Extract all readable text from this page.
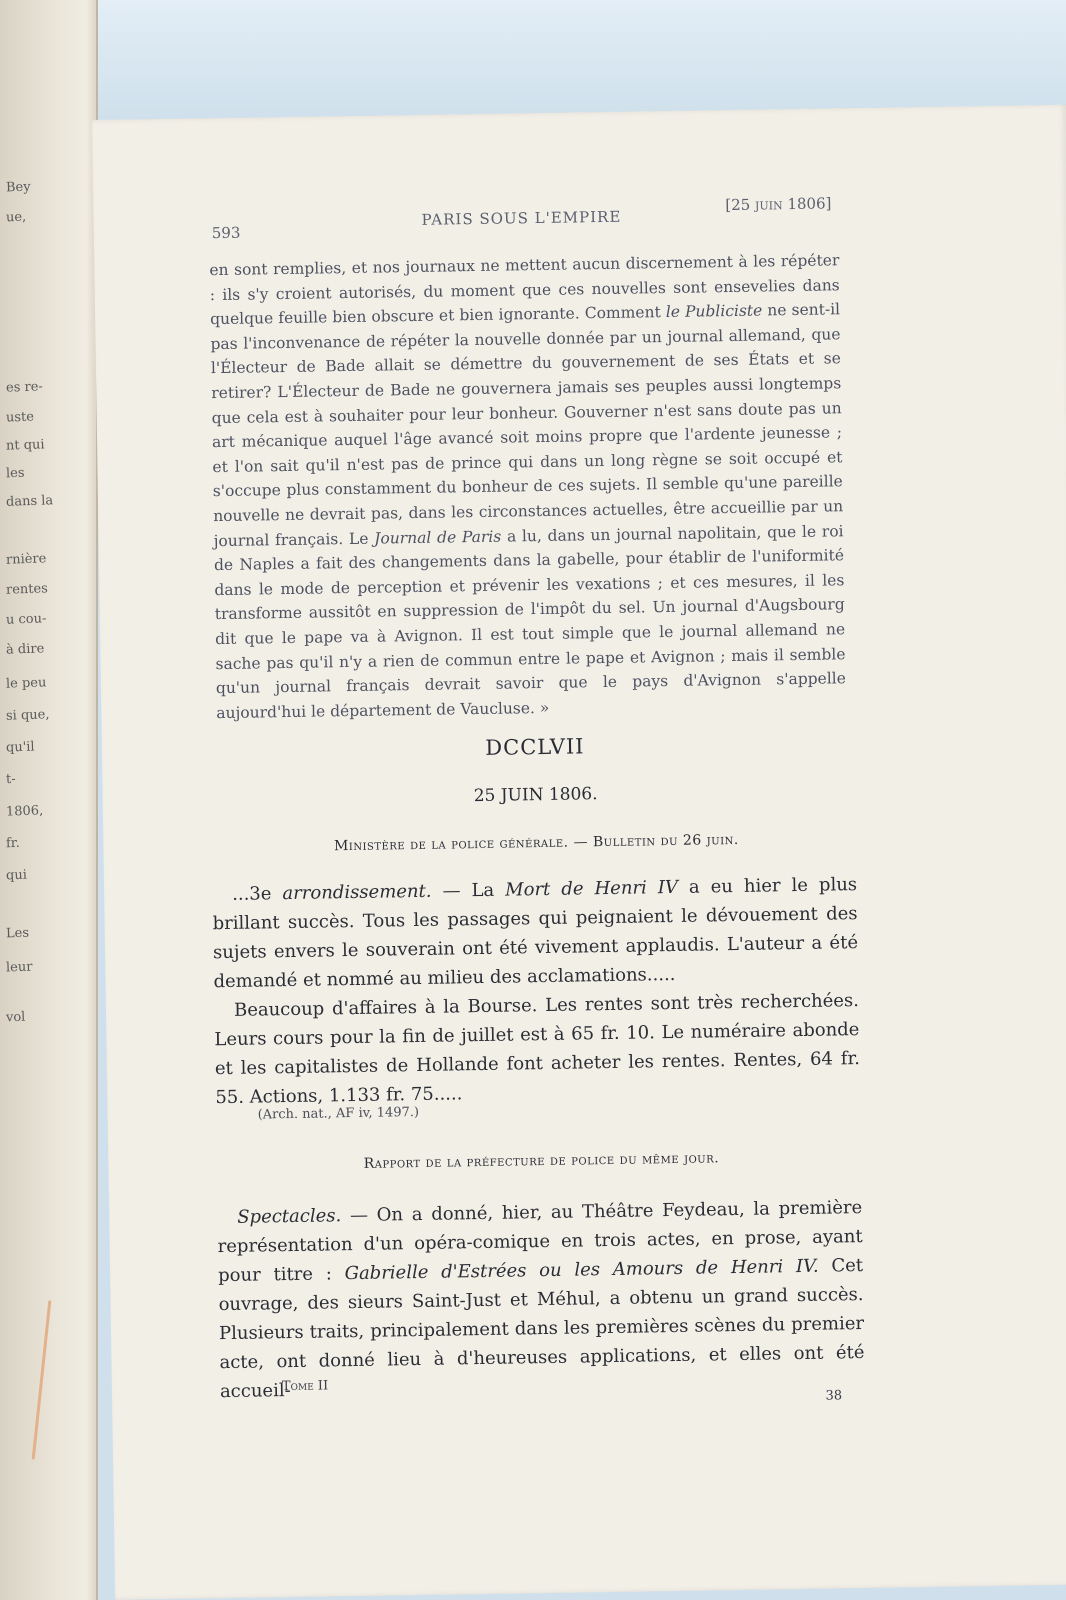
Bey
ue,
es re-
uste
nt qui
les
dans la
rnière
rentes
u cou-
à dire
le peu
si que,
qu'il
t-
1806,
fr.
qui
Les
leur
vol
593
PARIS SOUS L'EMPIRE
[25 juin 1806]

en sont remplies, et nos journaux ne mettent aucun discernement à les répéter : ils s'y croient autorisés, du moment que ces nouvelles sont ensevelies dans quelque feuille bien obscure et bien ignorante. Comment le Publiciste ne sent-il pas l'inconvenance de répéter la nouvelle donnée par un journal allemand, que l'Électeur de Bade allait se démettre du gouvernement de ses États et se retirer? L'Électeur de Bade ne gouvernera jamais ses peuples aussi longtemps que cela est à souhaiter pour leur bonheur. Gouverner n'est sans doute pas un art mécanique auquel l'âge avancé soit moins propre que l'ardente jeunesse ; et l'on sait qu'il n'est pas de prince qui dans un long règne se soit occupé et s'occupe plus constamment du bonheur de ces sujets. Il semble qu'une pareille nouvelle ne devrait pas, dans les circonstances actuelles, être accueillie par un journal français. Le Journal de Paris a lu, dans un journal napolitain, que le roi de Naples a fait des changements dans la gabelle, pour établir de l'uniformité dans le mode de perception et prévenir les vexations ; et ces mesures, il les transforme aussitôt en suppression de l'impôt du sel. Un journal d'Augsbourg dit que le pape va à Avignon. Il est tout simple que le journal allemand ne sache pas qu'il n'y a rien de commun entre le pape et Avignon ; mais il semble qu'un journal français devrait savoir que le pays d'Avignon s'appelle aujourd'hui le département de Vaucluse. »

DCCLVII
25 JUIN 1806.
Ministère de la police générale. — Bulletin du 26 juin.

...3e arrondissement. — La Mort de Henri IV a eu hier le plus brillant succès. Tous les passages qui peignaient le dévouement des sujets envers le souverain ont été vivement applaudis. L'auteur a été demandé et nommé au milieu des acclamations.....

Beaucoup d'affaires à la Bourse. Les rentes sont très recherchées. Leurs cours pour la fin de juillet est à 65 fr. 10. Le numéraire abonde et les capitalistes de Hollande font acheter les rentes. Rentes, 64 fr. 55. Actions, 1.133 fr. 75.....

(Arch. nat., AF iv, 1497.)
Rapport de la préfecture de police du même jour.

Spectacles. — On a donné, hier, au Théâtre Feydeau, la première représentation d'un opéra-comique en trois actes, en prose, ayant pour titre : Gabrielle d'Estrées ou les Amours de Henri IV. Cet ouvrage, des sieurs Saint-Just et Méhul, a obtenu un grand succès. Plusieurs traits, principalement dans les premières scènes du premier acte, ont donné lieu à d'heureuses applications, et elles ont été accueil-

Tome II
38
